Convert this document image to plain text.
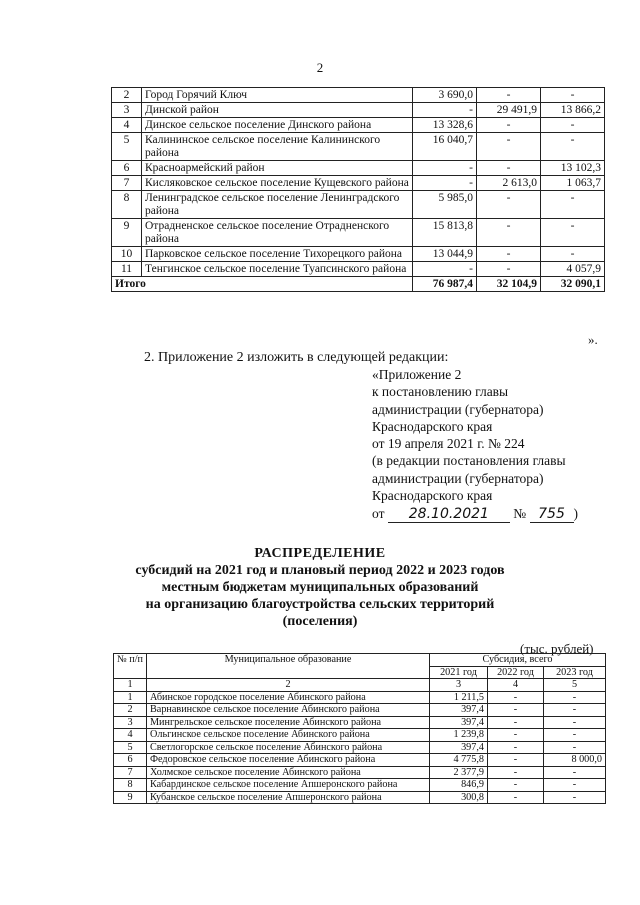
2
2	Город Горячий Ключ	3 690,0	-	-
3	Динской район	-	29 491,9	13 866,2
4	Динское сельское поселение Динского района	13 328,6	-	-
5	Калининское сельское поселение Калининского района	16 040,7	-	-
6	Красноармейский район	-	-	13 102,3
7	Кисляковское сельское поселение Кущевского района	-	2 613,0	1 063,7
8	Ленинградское сельское поселение Ленинградского района	5 985,0	-	-
9	Отрадненское сельское поселение Отрадненского района	15 813,8	-	-
10	Парковское сельское поселение Тихорецкого района	13 044,9	-	-
11	Тенгинское сельское поселение Туапсинского района	-	-	4 057,9
Итого		76 987,4	32 104,9	32 090,1
».
2. Приложение 2 изложить в следующей редакции:
«Приложение 2
к постановлению главы
администрации (губернатора)
Краснодарского края
от 19 апреля 2021 г. № 224
(в редакции постановления главы
администрации (губернатора)
Краснодарского края
от 28.10.2021 № 755 )
РАСПРЕДЕЛЕНИЕ
субсидий на 2021 год и плановый период 2022 и 2023 годов
местным бюджетам муниципальных образований
на организацию благоустройства сельских территорий
(поселения)
(тыс. рублей)
№ п/п	Муниципальное образование	Субсидия, всего		
		2021 год	2022 год	2023 год
1	2	3	4	5
1	Абинское городское поселение Абинского района	1 211,5	-	-
2	Варнавинское сельское поселение Абинского района	397,4	-	-
3	Мингрельское сельское поселение Абинского района	397,4	-	-
4	Ольгинское сельское поселение Абинского района	1 239,8	-	-
5	Светлогорское сельское поселение Абинского района	397,4	-	-
6	Федоровское сельское поселение Абинского района	4 775,8	-	8 000,0
7	Холмское сельское поселение Абинского района	2 377,9	-	-
8	Кабардинское сельское поселение Апшеронского района	846,9	-	-
9	Кубанское сельское поселение Апшеронского района	300,8	-	-
